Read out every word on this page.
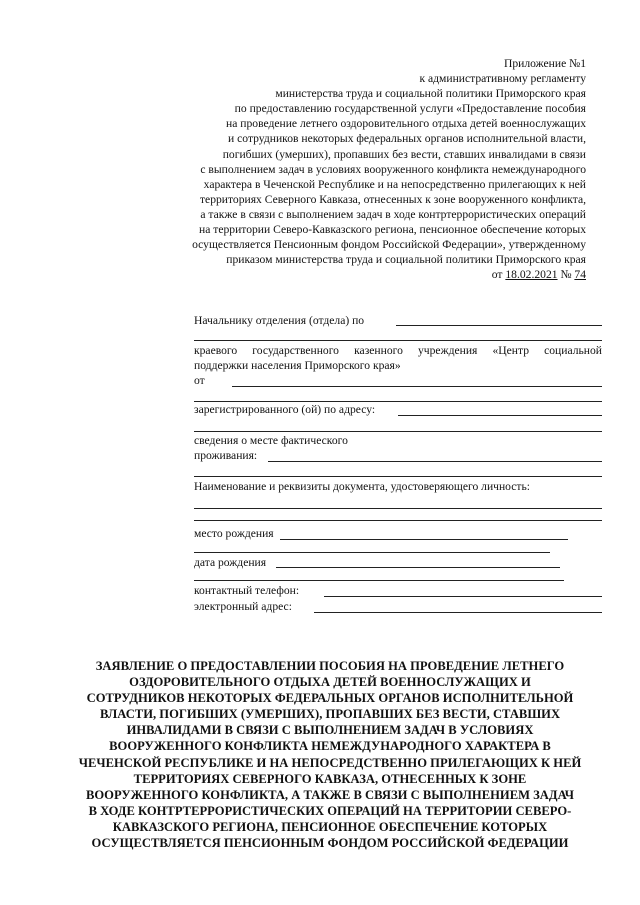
Приложение №1
к административному регламенту
министерства труда и социальной политики Приморского края
по предоставлению государственной услуги «Предоставление пособия
на проведение летнего оздоровительного отдыха детей военнослужащих
и сотрудников некоторых федеральных органов исполнительной власти,
погибших (умерших), пропавших без вести, ставших инвалидами в связи
с выполнением задач в условиях вооруженного конфликта немеждународного
характера в Чеченской Республике и на непосредственно прилегающих к ней
территориях Северного Кавказа, отнесенных к зоне вооруженного конфликта,
а также в связи с выполнением задач в ходе контртеррористических операций
на территории Северо-Кавказского региона, пенсионное обеспечение которых
осуществляется Пенсионным фондом Российской Федерации», утвержденному
приказом министерства труда и социальной политики Приморского края
от 18.02.2021 № 74
Начальнику отделения (отдела) по
краевого государственного казенного учреждения «Центр социальной
поддержки населения Приморского края»
от
зарегистрированного (ой) по адресу:
сведения о месте фактического
проживания:
Наименование и реквизиты документа, удостоверяющего личность:
место рождения
дата рождения
контактный телефон:
электронный адрес:
ЗАЯВЛЕНИЕ О ПРЕДОСТАВЛЕНИИ ПОСОБИЯ НА ПРОВЕДЕНИЕ ЛЕТНЕГО
ОЗДОРОВИТЕЛЬНОГО ОТДЫХА ДЕТЕЙ ВОЕННОСЛУЖАЩИХ И
СОТРУДНИКОВ НЕКОТОРЫХ ФЕДЕРАЛЬНЫХ ОРГАНОВ ИСПОЛНИТЕЛЬНОЙ
ВЛАСТИ, ПОГИБШИХ (УМЕРШИХ), ПРОПАВШИХ БЕЗ ВЕСТИ, СТАВШИХ
ИНВАЛИДАМИ В СВЯЗИ С ВЫПОЛНЕНИЕМ ЗАДАЧ В УСЛОВИЯХ
ВООРУЖЕННОГО КОНФЛИКТА НЕМЕЖДУНАРОДНОГО ХАРАКТЕРА В
ЧЕЧЕНСКОЙ РЕСПУБЛИКЕ И НА НЕПОСРЕДСТВЕННО ПРИЛЕГАЮЩИХ К НЕЙ
ТЕРРИТОРИЯХ СЕВЕРНОГО КАВКАЗА, ОТНЕСЕННЫХ К ЗОНЕ
ВООРУЖЕННОГО КОНФЛИКТА, А ТАКЖЕ В СВЯЗИ С ВЫПОЛНЕНИЕМ ЗАДАЧ
В ХОДЕ КОНТРТЕРРОРИСТИЧЕСКИХ ОПЕРАЦИЙ НА ТЕРРИТОРИИ СЕВЕРО-
КАВКАЗСКОГО РЕГИОНА, ПЕНСИОННОЕ ОБЕСПЕЧЕНИЕ КОТОРЫХ
ОСУЩЕСТВЛЯЕТСЯ ПЕНСИОННЫМ ФОНДОМ РОССИЙСКОЙ ФЕДЕРАЦИИ
